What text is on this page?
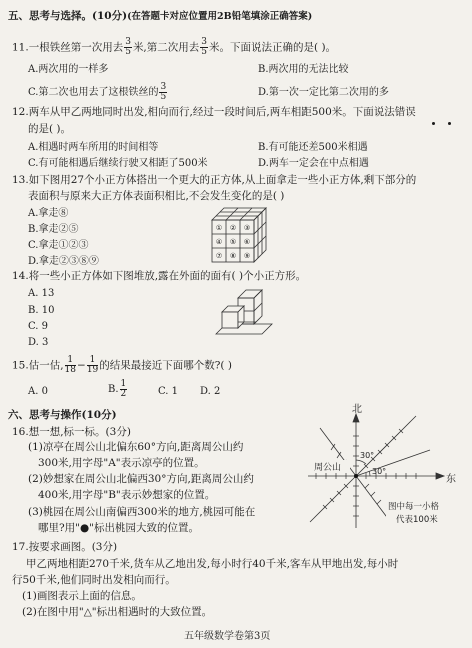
五、思考与选择。(10分)(在答题卡对应位置用2B铅笔填涂正确答案)
11.一根铁丝第一次用去 $\frac{3}{5}$ 米,第二次用去 $\frac{3}{5}$ 米。下面说法正确的是( )。
A.两次用的一样多	B.两次用的无法比较
C.第二次也用去了这根铁丝的 $\frac{3}{5}$	D.第一次一定比第二次用的多
12.两车从甲乙两地同时出发,相向而行,经过一段时间后,两车相距500米。下面说法错误
的是( )。
A.相遇时两车所用的时间相等	B.有可能还差500米相遇
C.有可能相遇后继续行驶又相距了500米	D.两车一定会在中点相遇
13.如下图用27个小正方体搭出一个更大的正方体,从上面拿走一些小正方体,剩下部分的
表面积与原来大正方体表面积相比,不会发生变化的是( )
A.拿走⑧
B.拿走②⑤
C.拿走①②③
D.拿走②③⑧⑨
① ② ③
④ ⑤ ⑥
⑦ ⑧ ⑨
14.将一些小正方体如下图堆放,露在外面的面有( )个小正方形。
A. 13
B. 10
C. 9
D. 3
15.估一估, $\frac{1}{18} - \frac{1}{19}$ 的结果最接近下面哪个数?( )
A. 0	B. $\frac{1}{2}$	C. 1 D. 2
六、思考与操作(10分)
16.想一想,标一标。(3分)
(1)凉亭在周公山北偏东60°方向,距离周公山约
300米,用字母"A"表示凉亭的位置。
(2)妙想家在周公山北偏西30°方向,距离周公山约
400米,用字母"B"表示妙想家的位置。
(3)桃园在周公山南偏西300米的地方,桃园可能在
哪里?用"●"标出桃园大致的位置。
北
东
周公山
30°
30°
图中每一小格
代表100米
17.按要求画图。(3分)
甲乙两地相距270千米,货车从乙地出发,每小时行40千米,客车从甲地出发,每小时
行50千米,他们同时出发相向而行。
(1)画图表示上面的信息。
(2)在图中用"△"标出相遇时的大致位置。
五年级数学卷第3页
